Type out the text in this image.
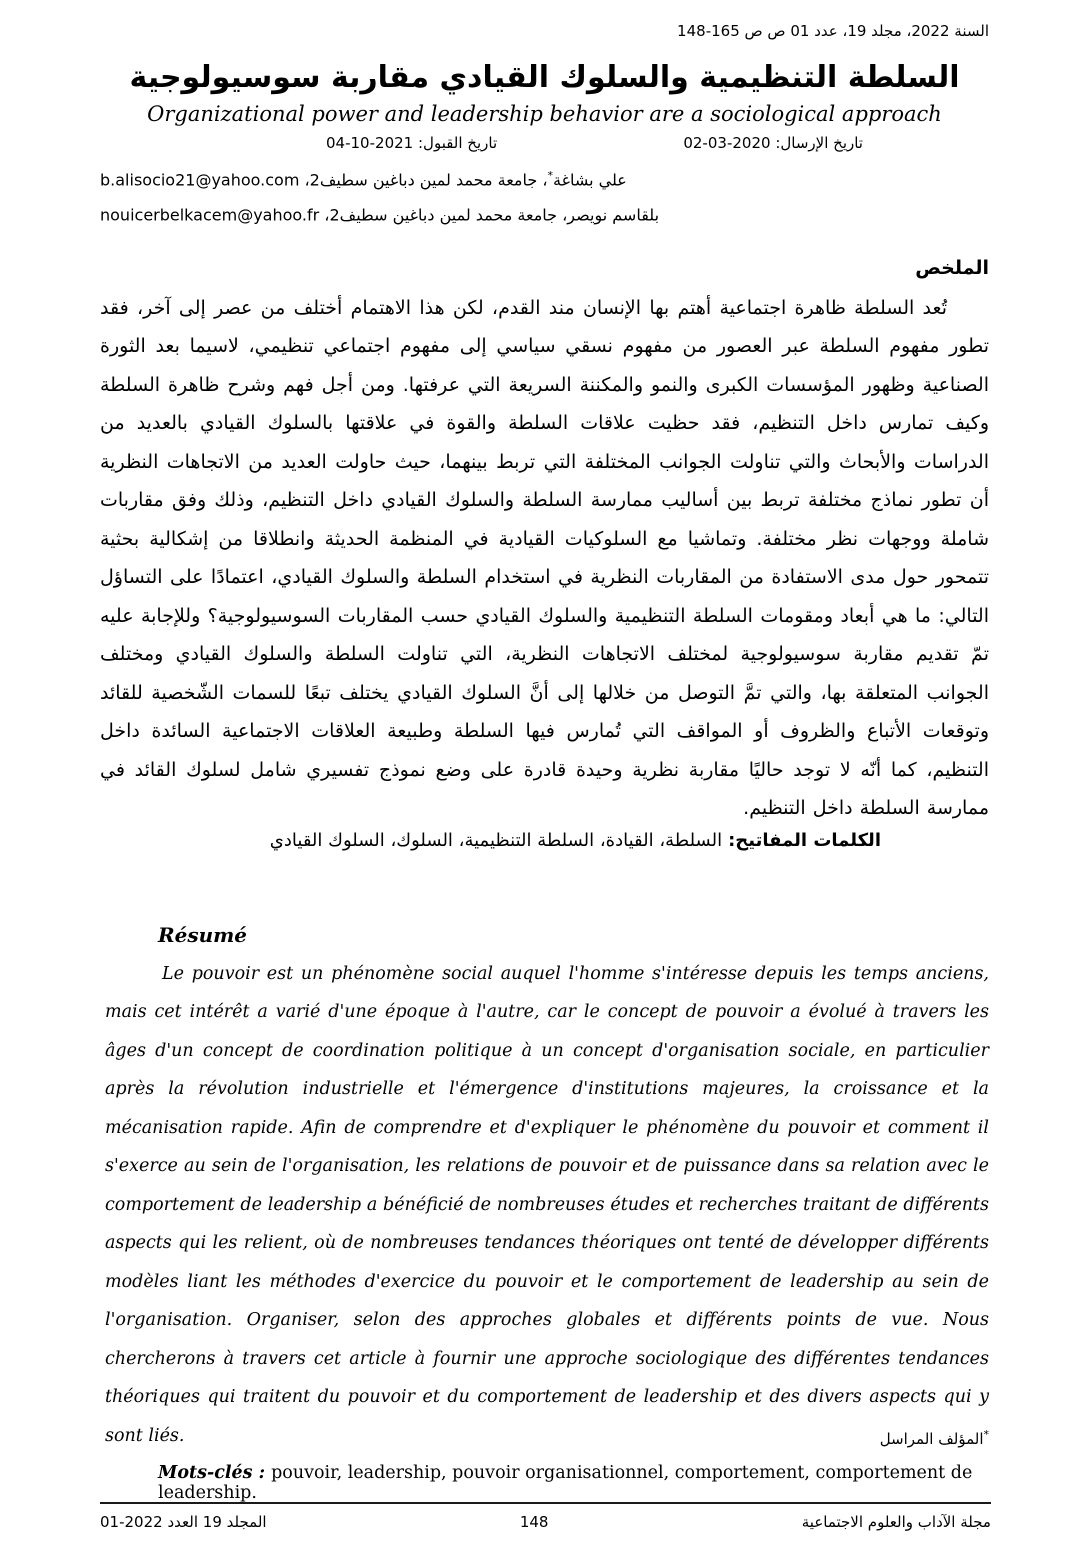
السنة 2022، مجلد 19، عدد 01 ص ص 165-148
السلطة التنظيمية والسلوك القيادي مقاربة سوسيولوجية
Organizational power and leadership behavior are a sociological approach
تاريخ القبول: 2021-10-04	تاريخ الإرسال: 2020-03-02
علي بشاغة*، جامعة محمد لمين دباغين سطيف2، b.alisocio21@yahoo.com
بلقاسم نويصر، جامعة محمد لمين دباغين سطيف2، nouicerbelkacem@yahoo.fr
الملخص

تُعد السلطة ظاهرة اجتماعية أهتم بها الإنسان مند القدم، لكن هذا الاهتمام أختلف من عصر إلى آخر، فقد تطور مفهوم السلطة عبر العصور من مفهوم نسقي سياسي إلى مفهوم اجتماعي تنظيمي، لاسيما بعد الثورة الصناعية وظهور المؤسسات الكبرى والنمو والمكننة السريعة التي عرفتها. ومن أجل فهم وشرح ظاهرة السلطة وكيف تمارس داخل التنظيم، فقد حظيت علاقات السلطة والقوة في علاقتها بالسلوك القيادي بالعديد من الدراسات والأبحاث والتي تناولت الجوانب المختلفة التي تربط بينهما، حيث حاولت العديد من الاتجاهات النظرية أن تطور نماذج مختلفة تربط بين أساليب ممارسة السلطة والسلوك القيادي داخل التنظيم، وذلك وفق مقاربات شاملة ووجهات نظر مختلفة. وتماشيا مع السلوكيات القيادية في المنظمة الحديثة وانطلاقا من إشكالية بحثية تتمحور حول مدى الاستفادة من المقاربات النظرية في استخدام السلطة والسلوك القيادي، اعتمادًا على التساؤل التالي: ما هي أبعاد ومقومات السلطة التنظيمية والسلوك القيادي حسب المقاربات السوسيولوجية؟ وللإجابة عليه تمّ تقديم مقاربة سوسيولوجية لمختلف الاتجاهات النظرية، التي تناولت السلطة والسلوك القيادي ومختلف الجوانب المتعلقة بها، والتي تمَّ التوصل من خلالها إلى أنَّ السلوك القيادي يختلف تبعًا للسمات الشّخصية للقائد وتوقعات الأتباع والظروف أو المواقف التي تُمارس فيها السلطة وطبيعة العلاقات الاجتماعية السائدة داخل التنظيم، كما أنّه لا توجد حاليًا مقاربة نظرية وحيدة قادرة على وضع نموذج تفسيري شامل لسلوك القائد في ممارسة السلطة داخل التنظيم.

الكلمات المفاتيح:السلطة، القيادة، السلطة التنظيمية، السلوك، السلوك القيادي

Résumé

Le pouvoir est un phénomène social auquel l'homme s'intéresse depuis les temps anciens, mais cet intérêt a varié d'une époque à l'autre, car le concept de pouvoir a évolué à travers les âges d'un concept de coordination politique à un concept d'organisation sociale, en particulier après la révolution industrielle et l'émergence d'institutions majeures, la croissance et la mécanisation rapide. Afin de comprendre et d'expliquer le phénomène du pouvoir et comment il s'exerce au sein de l'organisation, les relations de pouvoir et de puissance dans sa relation avec le comportement de leadership a bénéficié de nombreuses études et recherches traitant de différents aspects qui les relient, où de nombreuses tendances théoriques ont tenté de développer différents modèles liant les méthodes d'exercice du pouvoir et le comportement de leadership au sein de l'organisation. Organiser, selon des approches globales et différents points de vue. Nous chercherons à travers cet article à fournir une approche sociologique des différentes tendances théoriques qui traitent du pouvoir et du comportement de leadership et des divers aspects qui y sont liés.

Mots-clés : pouvoir, leadership, pouvoir organisationnel, comportement, comportement de leadership.

*المؤلف المراسل
المجلد 19 العدد 2022-01	148	مجلة الآداب والعلوم الاجتماعية
